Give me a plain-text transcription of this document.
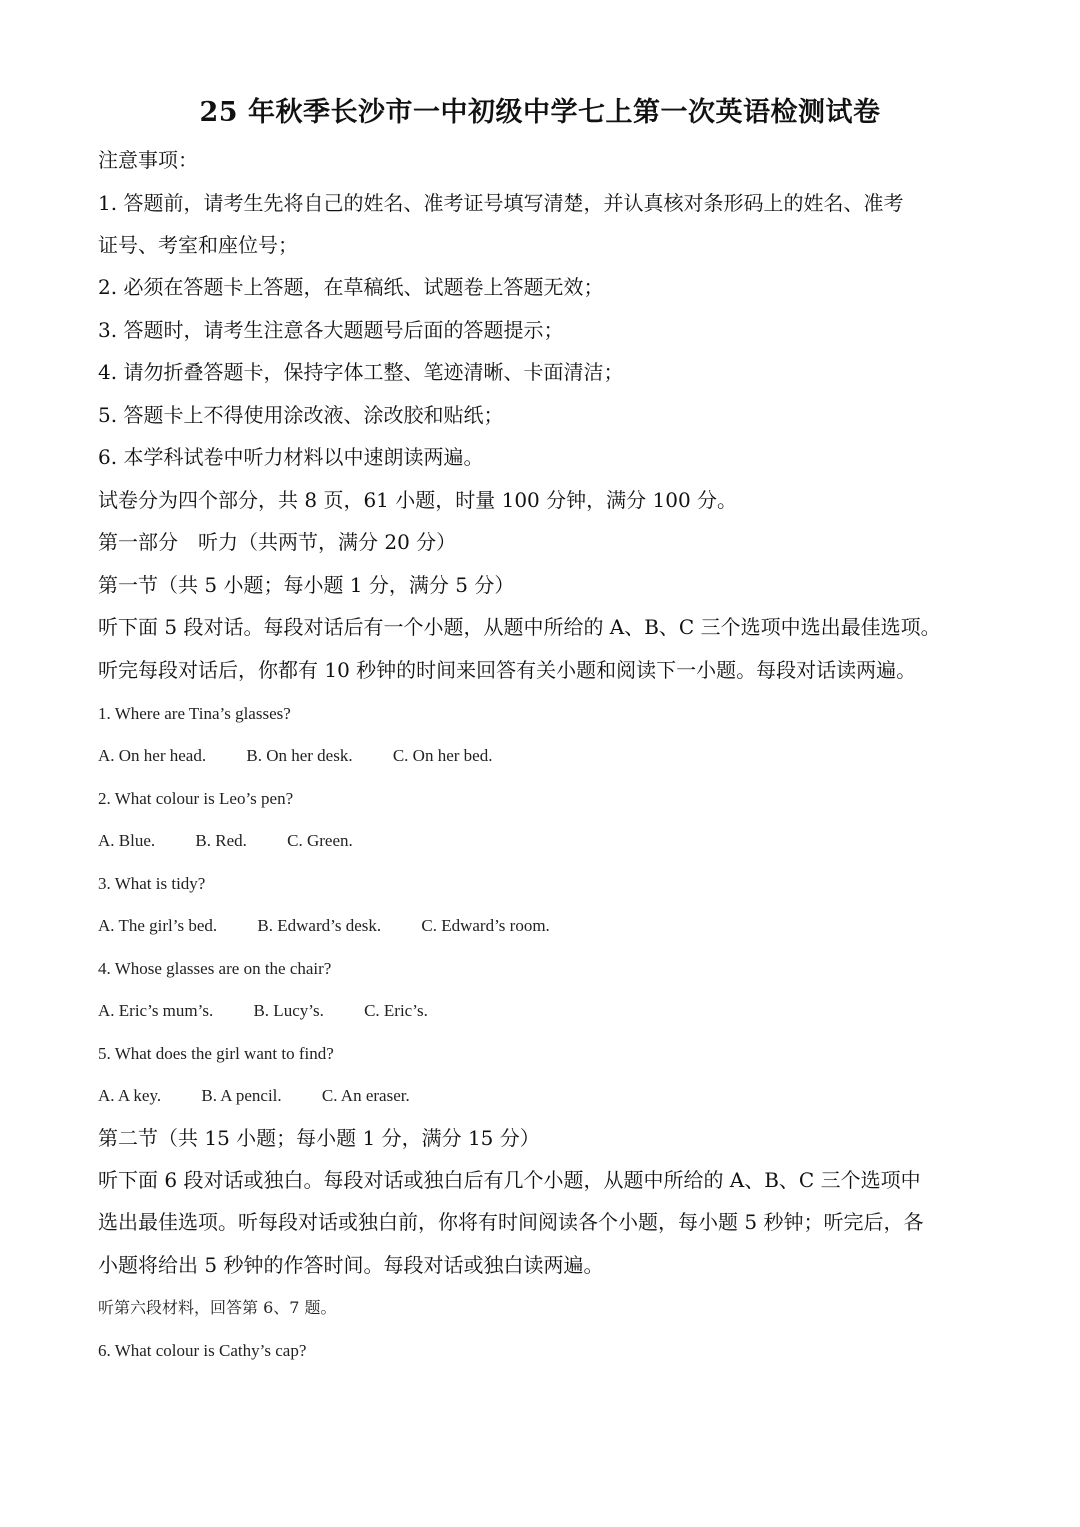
25 年秋季长沙市一中初级中学七上第一次英语检测试卷
注意事项：
1. 答题前，请考生先将自己的姓名、准考证号填写清楚，并认真核对条形码上的姓名、准考
证号、考室和座位号；
2. 必须在答题卡上答题，在草稿纸、试题卷上答题无效；
3. 答题时，请考生注意各大题题号后面的答题提示；
4. 请勿折叠答题卡，保持字体工整、笔迹清晰、卡面清洁；
5. 答题卡上不得使用涂改液、涂改胶和贴纸；
6. 本学科试卷中听力材料以中速朗读两遍。
试卷分为四个部分，共 8 页，61 小题，时量 100 分钟，满分 100 分。
第一部分　听力（共两节，满分 20 分）
第一节（共 5 小题；每小题 1 分，满分 5 分）
听下面 5 段对话。每段对话后有一个小题，从题中所给的 A、B、C 三个选项中选出最佳选项。
听完每段对话后，你都有 10 秒钟的时间来回答有关小题和阅读下一小题。每段对话读两遍。
1. Where are Tina’s glasses?
A. On her head. B. On her desk. C. On her bed.
2. What colour is Leo’s pen?
A. Blue. B. Red. C. Green.
3. What is tidy?
A. The girl’s bed. B. Edward’s desk. C. Edward’s room.
4. Whose glasses are on the chair?
A. Eric’s mum’s. B. Lucy’s. C. Eric’s.
5. What does the girl want to find?
A. A key. B. A pencil. C. An eraser.
第二节（共 15 小题；每小题 1 分，满分 15 分）
听下面 6 段对话或独白。每段对话或独白后有几个小题，从题中所给的 A、B、C 三个选项中
选出最佳选项。听每段对话或独白前，你将有时间阅读各个小题，每小题 5 秒钟；听完后，各
小题将给出 5 秒钟的作答时间。每段对话或独白读两遍。
听第六段材料，回答第 6、7 题。
6. What colour is Cathy’s cap?
